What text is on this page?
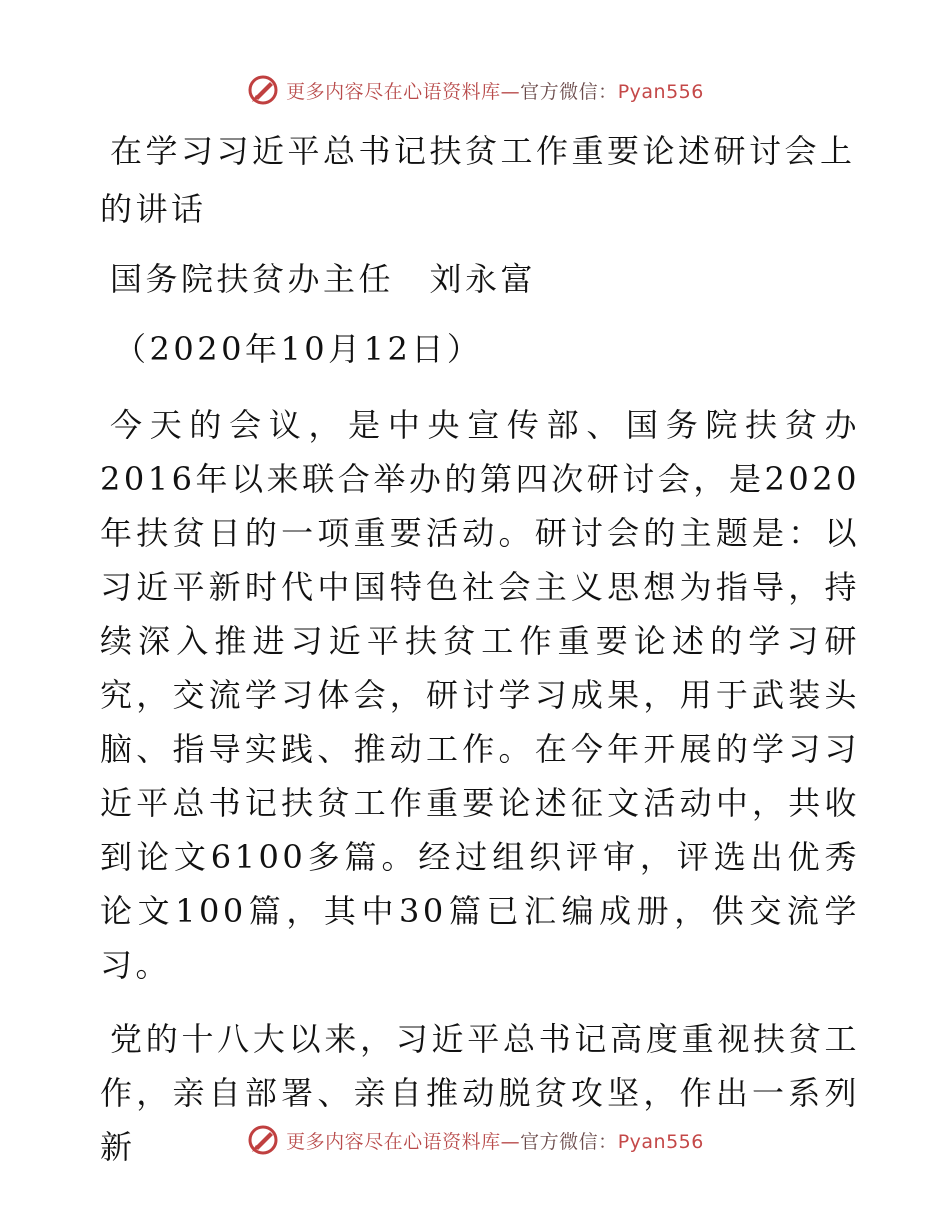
更多内容尽在心语资料库—官方微信：Pyan556
在学习习近平总书记扶贫工作重要论述研讨会上的讲话
国务院扶贫办主任　刘永富
（2020年10月12日）

今天的会议，是中央宣传部、国务院扶贫办2016年以来联合举办的第四次研讨会，是2020年扶贫日的一项重要活动。研讨会的主题是：以习近平新时代中国特色社会主义思想为指导，持续深入推进习近平扶贫工作重要论述的学习研究，交流学习体会，研讨学习成果，用于武装头脑、指导实践、推动工作。在今年开展的学习习近平总书记扶贫工作重要论述征文活动中，共收到论文6100多篇。经过组织评审，评选出优秀论文100篇，其中30篇已汇编成册，供交流学习。

党的十八大以来，习近平总书记高度重视扶贫工作，亲自部署、亲自推动脱贫攻坚，作出一系列新	更多内容尽在心语资料库—官方微信：Pyan556
